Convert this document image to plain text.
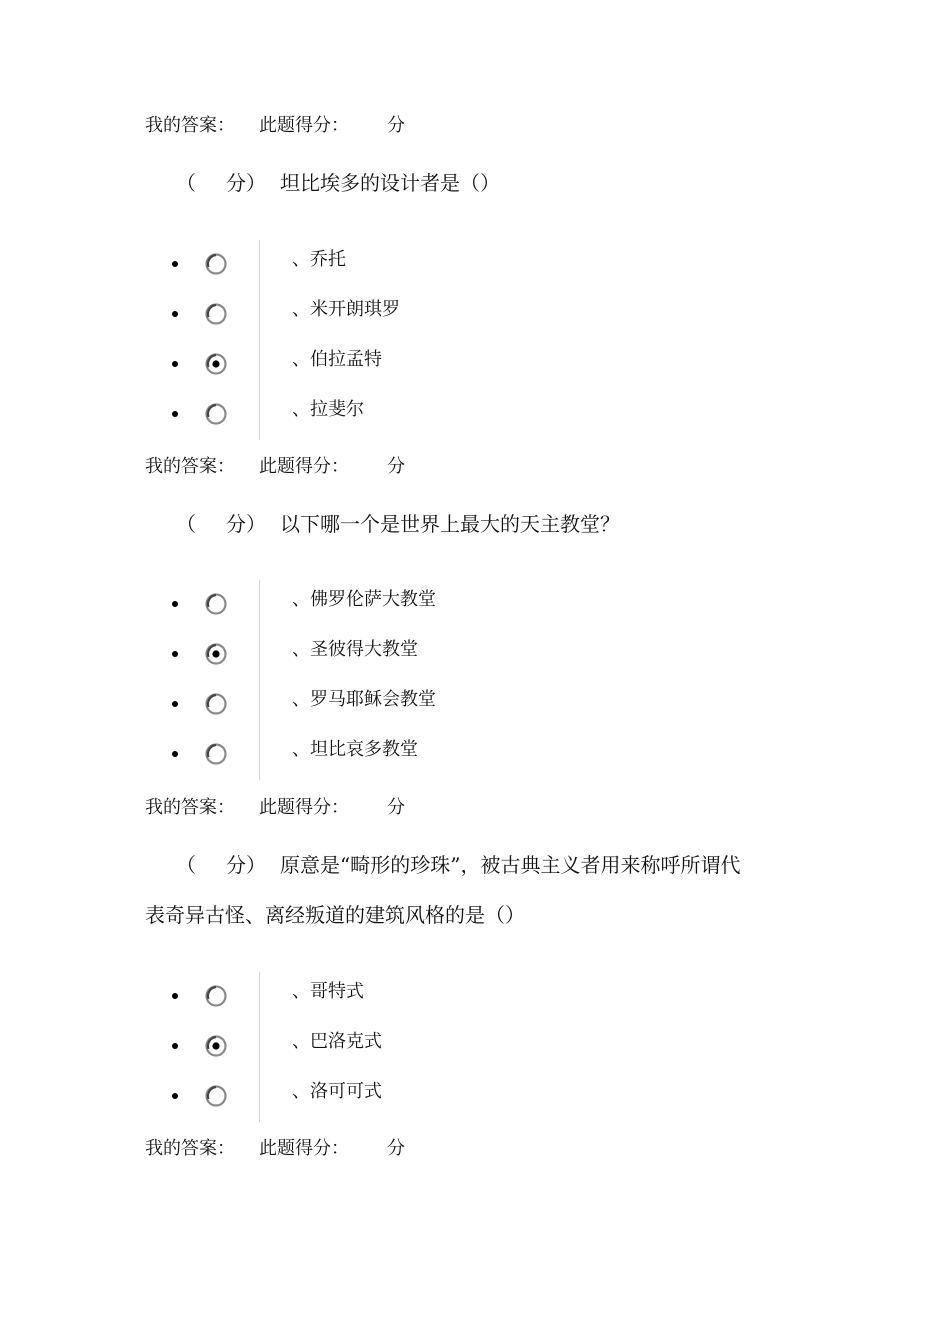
我的答案： 此题得分： 分
（ 分） 坦比埃多的设计者是（）
、乔托
、米开朗琪罗
、伯拉孟特
、拉斐尔
我的答案： 此题得分： 分
（ 分） 以下哪一个是世界上最大的天主教堂？
、佛罗伦萨大教堂
、圣彼得大教堂
、罗马耶稣会教堂
、坦比哀多教堂
我的答案： 此题得分： 分
（ 分） 原意是“畸形的珍珠”，被古典主义者用来称呼所谓代
表奇异古怪、离经叛道的建筑风格的是（）
、哥特式
、巴洛克式
、洛可可式
我的答案： 此题得分： 分
